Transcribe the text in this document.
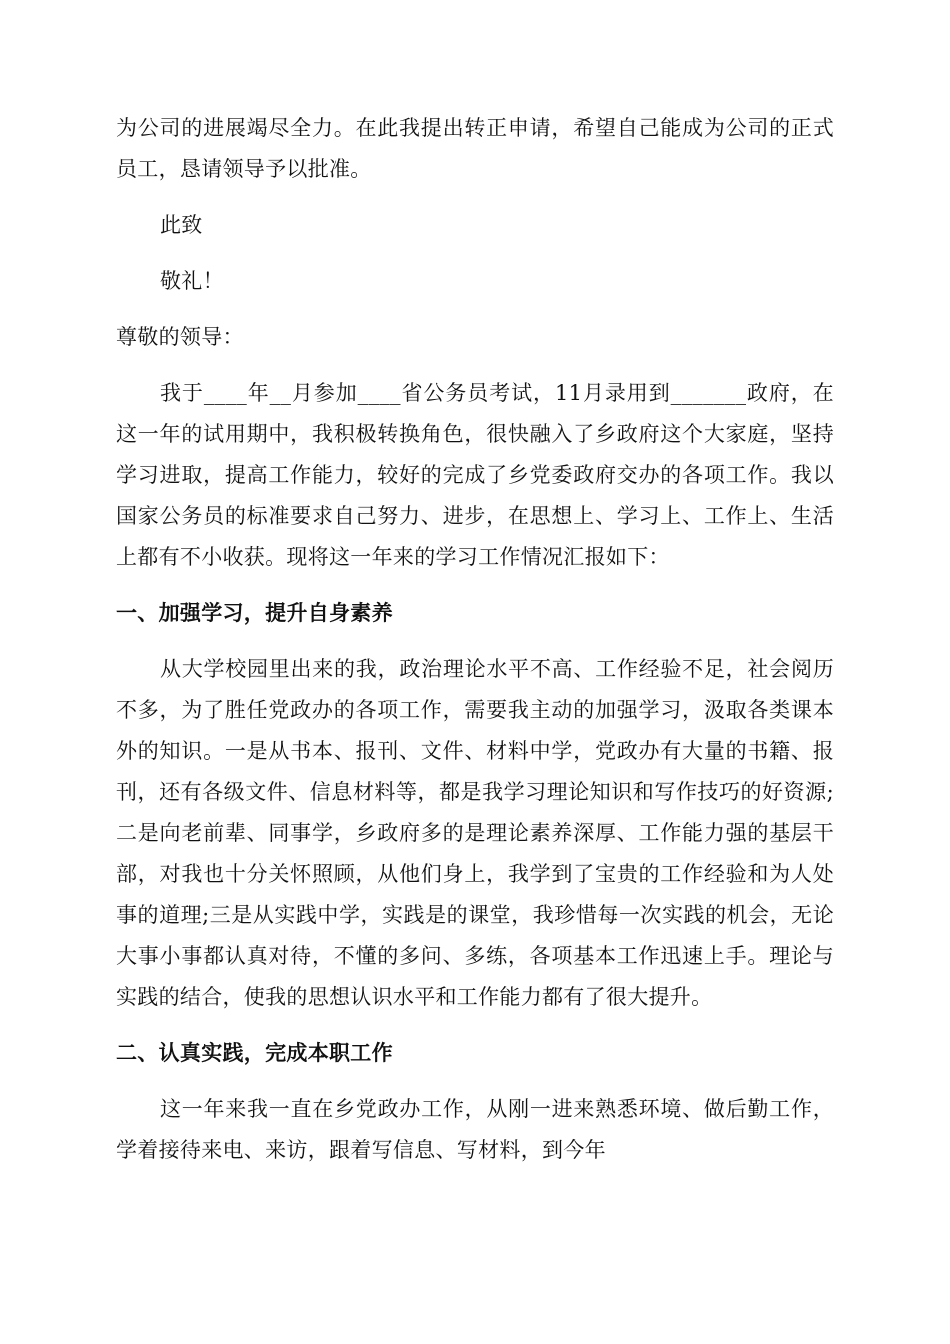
为公司的进展竭尽全力。在此我提出转正申请，希望自己能成为公司的正式员工，恳请领导予以批准。

此致

敬礼！

尊敬的领导：

我于____年__月参加____省公务员考试，11月录用到_______政府，在这一年的试用期中，我积极转换角色，很快融入了乡政府这个大家庭，坚持学习进取，提高工作能力，较好的完成了乡党委政府交办的各项工作。我以国家公务员的标准要求自己努力、进步，在思想上、学习上、工作上、生活上都有不小收获。现将这一年来的学习工作情况汇报如下：

一、加强学习，提升自身素养

从大学校园里出来的我，政治理论水平不高、工作经验不足，社会阅历不多，为了胜任党政办的各项工作，需要我主动的加强学习，汲取各类课本外的知识。一是从书本、报刊、文件、材料中学，党政办有大量的书籍、报刊，还有各级文件、信息材料等，都是我学习理论知识和写作技巧的好资源;二是向老前辈、同事学，乡政府多的是理论素养深厚、工作能力强的基层干部，对我也十分关怀照顾，从他们身上，我学到了宝贵的工作经验和为人处事的道理;三是从实践中学，实践是的课堂，我珍惜每一次实践的机会，无论大事小事都认真对待，不懂的多问、多练，各项基本工作迅速上手。理论与实践的结合，使我的思想认识水平和工作能力都有了很大提升。

二、认真实践，完成本职工作

这一年来我一直在乡党政办工作，从刚一进来熟悉环境、做后勤工作，学着接待来电、来访，跟着写信息、写材料，到今年
